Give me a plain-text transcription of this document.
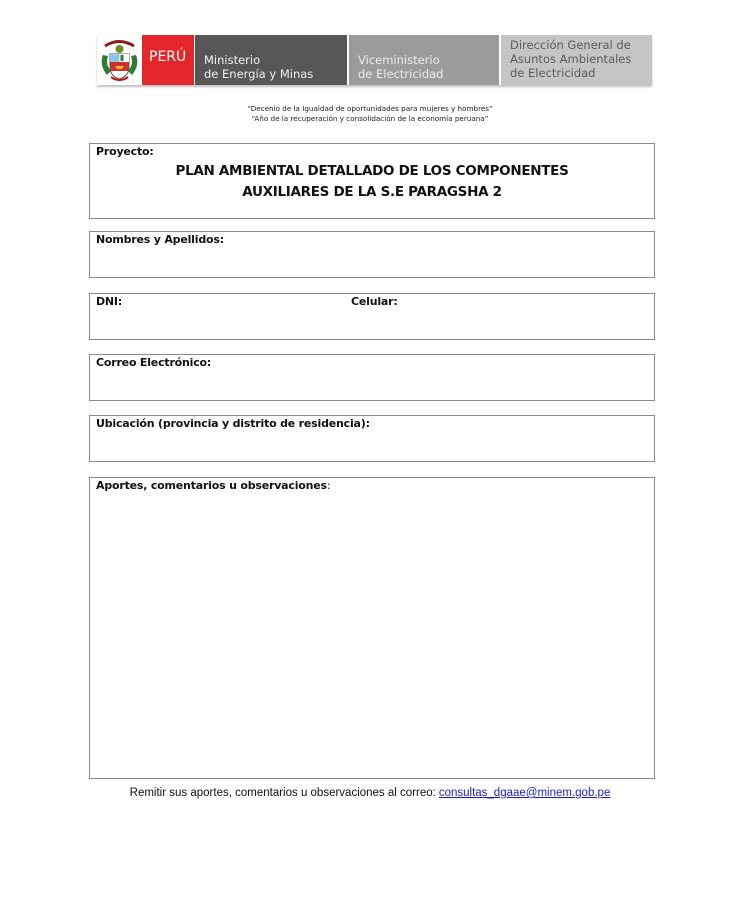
PERÚ	Ministerio
de Energía y Minas
Viceministerio
de Electricidad
Dirección General de
Asuntos Ambientales
de Electricidad
“Decenio de la Igualdad de oportunidades para mujeres y hombres”
“Año de la recuperación y consolidación de la economía peruana”
Proyecto:
PLAN AMBIENTAL DETALLADO DE LOS COMPONENTES
AUXILIARES DE LA S.E PARAGSHA 2
Nombres y Apellidos:
DNI:	Celular:
Correo Electrónico:
Ubicación (provincia y distrito de residencia):
Aportes, comentarios u observaciones:
Remitir sus aportes, comentarios u observaciones al correo: consultas_dgaae@minem.gob.pe
